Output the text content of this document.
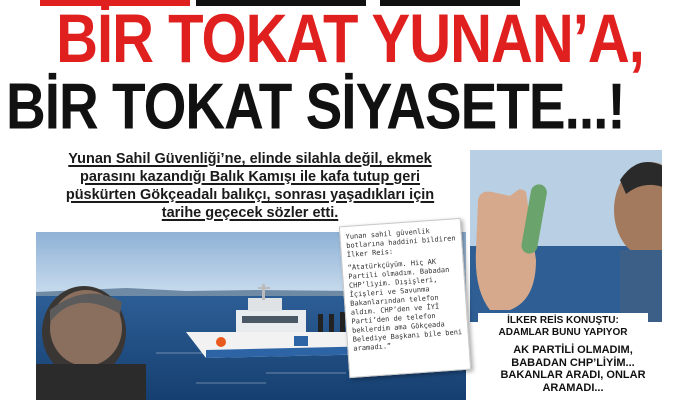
BİR TOKAT YUNAN’A,
BİR TOKAT SİYASETE...!
Yunan Sahil Güvenliği’ne, elinde silahla değil, ekmek
parasını kazandığı Balık Kamışı ile kafa tutup geri
püskürten Gökçeadalı balıkçı, sonrası yaşadıkları için
tarihe geçecek sözler etti.

Yunan sahil güvenlik botlarına haddini bildiren İlker Reis:

“Atatürkçüyüm. Hiç AK Partili olmadım. Babadan CHP’liyim. Dışişleri, İçişleri ve Savunma Bakanlarından telefon aldım. CHP’den ve İYİ Parti’den de telefon beklerdim ama Gökçeada Belediye Başkanı bile beni aramadı.”

İLKER REİS KONUŞTU:
ADAMLAR BUNU YAPIYOR
AK PARTİLİ OLMADIM,
BABADAN CHP’LİYİM...
BAKANLAR ARADI, ONLAR
ARAMADI...
